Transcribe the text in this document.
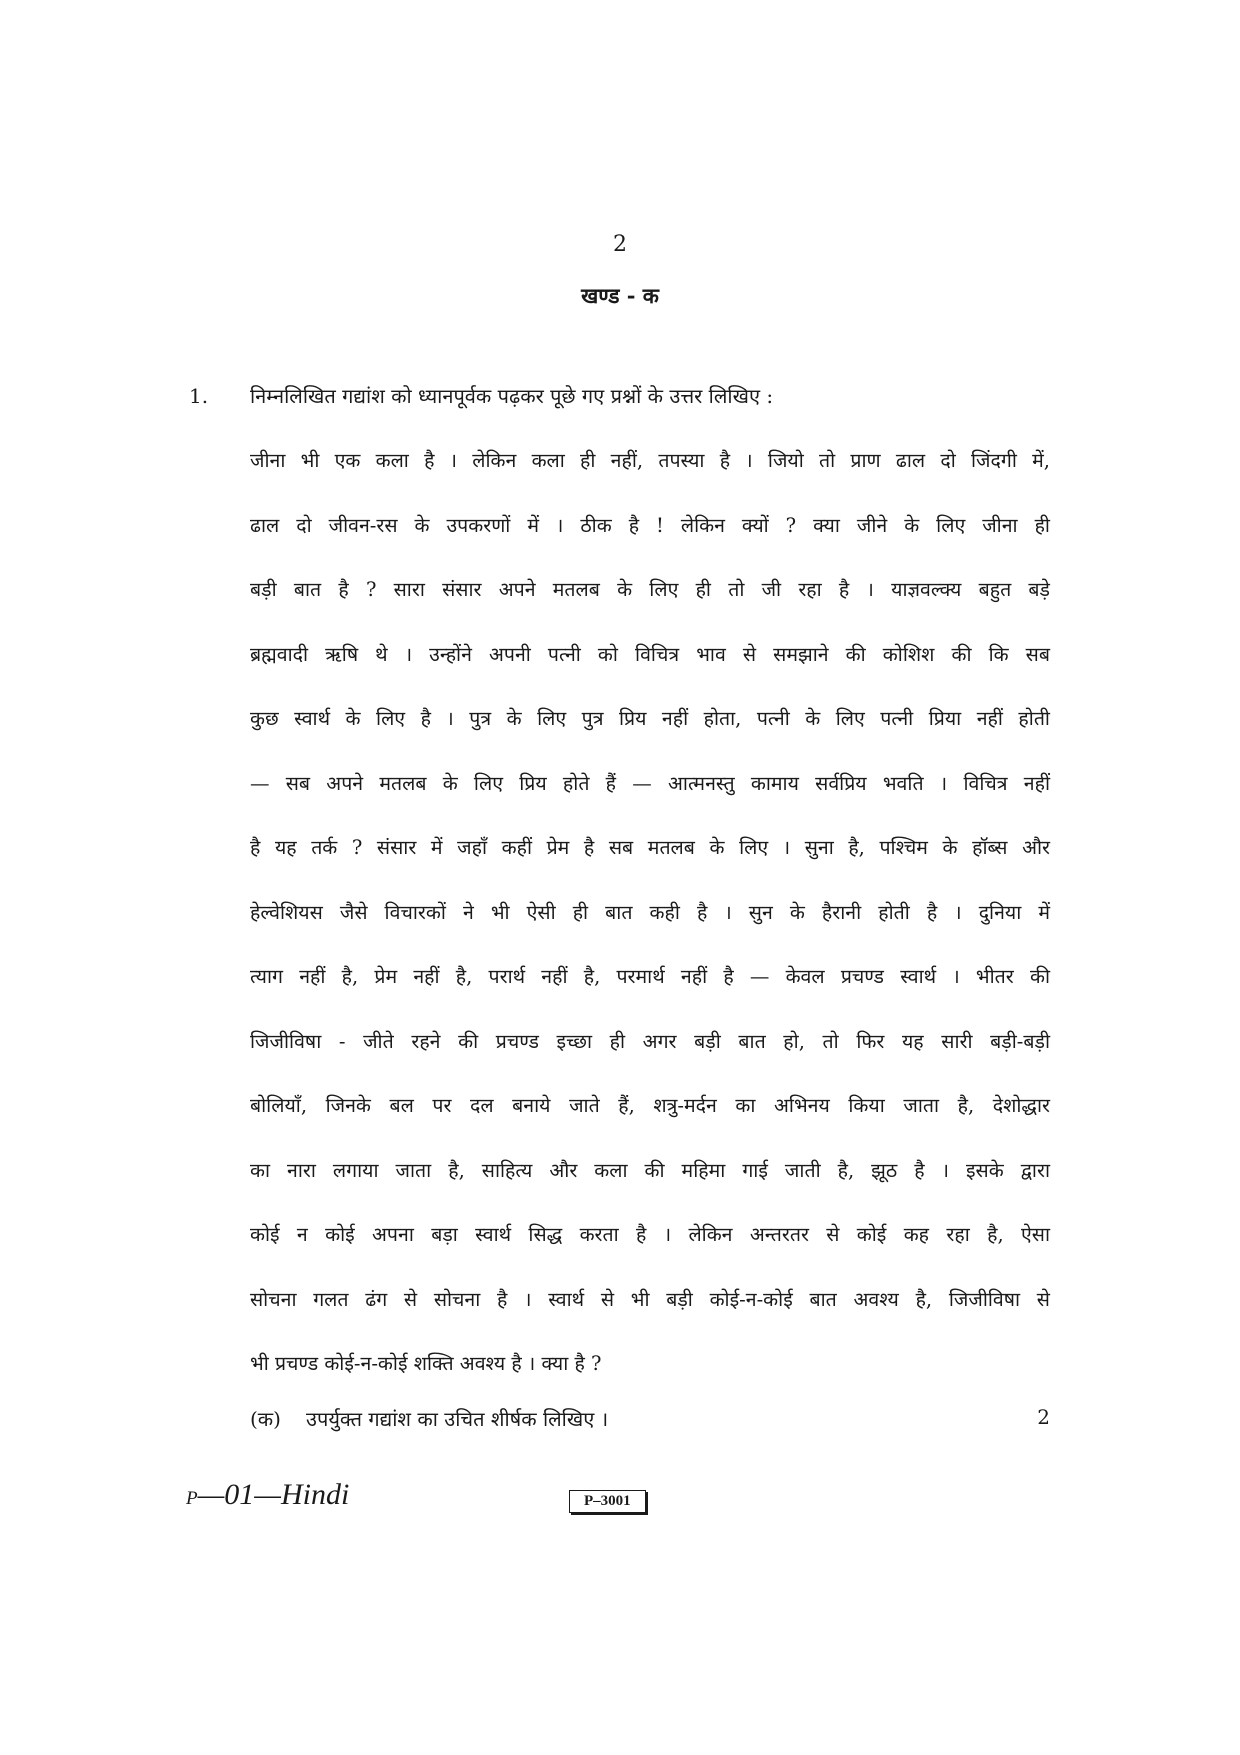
2
खण्ड - क
1. निम्नलिखित गद्यांश को ध्यानपूर्वक पढ़कर पूछे गए प्रश्नों के उत्तर लिखिए :
जीना भी एक कला है । लेकिन कला ही नहीं, तपस्या है । जियो तो प्राण ढाल दो जिंदगी में,
ढाल दो जीवन-रस के उपकरणों में । ठीक है ! लेकिन क्यों ? क्या जीने के लिए जीना ही
बड़ी बात है ? सारा संसार अपने मतलब के लिए ही तो जी रहा है । याज्ञवल्क्य बहुत बड़े
ब्रह्मवादी ऋषि थे । उन्होंने अपनी पत्नी को विचित्र भाव से समझाने की कोशिश की कि सब
कुछ स्वार्थ के लिए है । पुत्र के लिए पुत्र प्रिय नहीं होता, पत्नी के लिए पत्नी प्रिया नहीं होती
— सब अपने मतलब के लिए प्रिय होते हैं — आत्मनस्तु कामाय सर्वप्रिय भवति । विचित्र नहीं
है यह तर्क ? संसार में जहाँ कहीं प्रेम है सब मतलब के लिए । सुना है, पश्चिम के हॉब्स और
हेल्वेशियस जैसे विचारकों ने भी ऐसी ही बात कही है । सुन के हैरानी होती है । दुनिया में
त्याग नहीं है, प्रेम नहीं है, परार्थ नहीं है, परमार्थ नहीं है — केवल प्रचण्ड स्वार्थ । भीतर की
जिजीविषा - जीते रहने की प्रचण्ड इच्छा ही अगर बड़ी बात हो, तो फिर यह सारी बड़ी-बड़ी
बोलियाँ, जिनके बल पर दल बनाये जाते हैं, शत्रु-मर्दन का अभिनय किया जाता है, देशोद्धार
का नारा लगाया जाता है, साहित्य और कला की महिमा गाई जाती है, झूठ है । इसके द्वारा
कोई न कोई अपना बड़ा स्वार्थ सिद्ध करता है । लेकिन अन्तरतर से कोई कह रहा है, ऐसा
सोचना गलत ढंग से सोचना है । स्वार्थ से भी बड़ी कोई-न-कोई बात अवश्य है, जिजीविषा से
भी प्रचण्ड कोई-न-कोई शक्ति अवश्य है । क्या है ?
(क)	उपर्युक्त गद्यांश का उचित शीर्षक लिखिए ।	2
P—01—Hindi	P–3001
